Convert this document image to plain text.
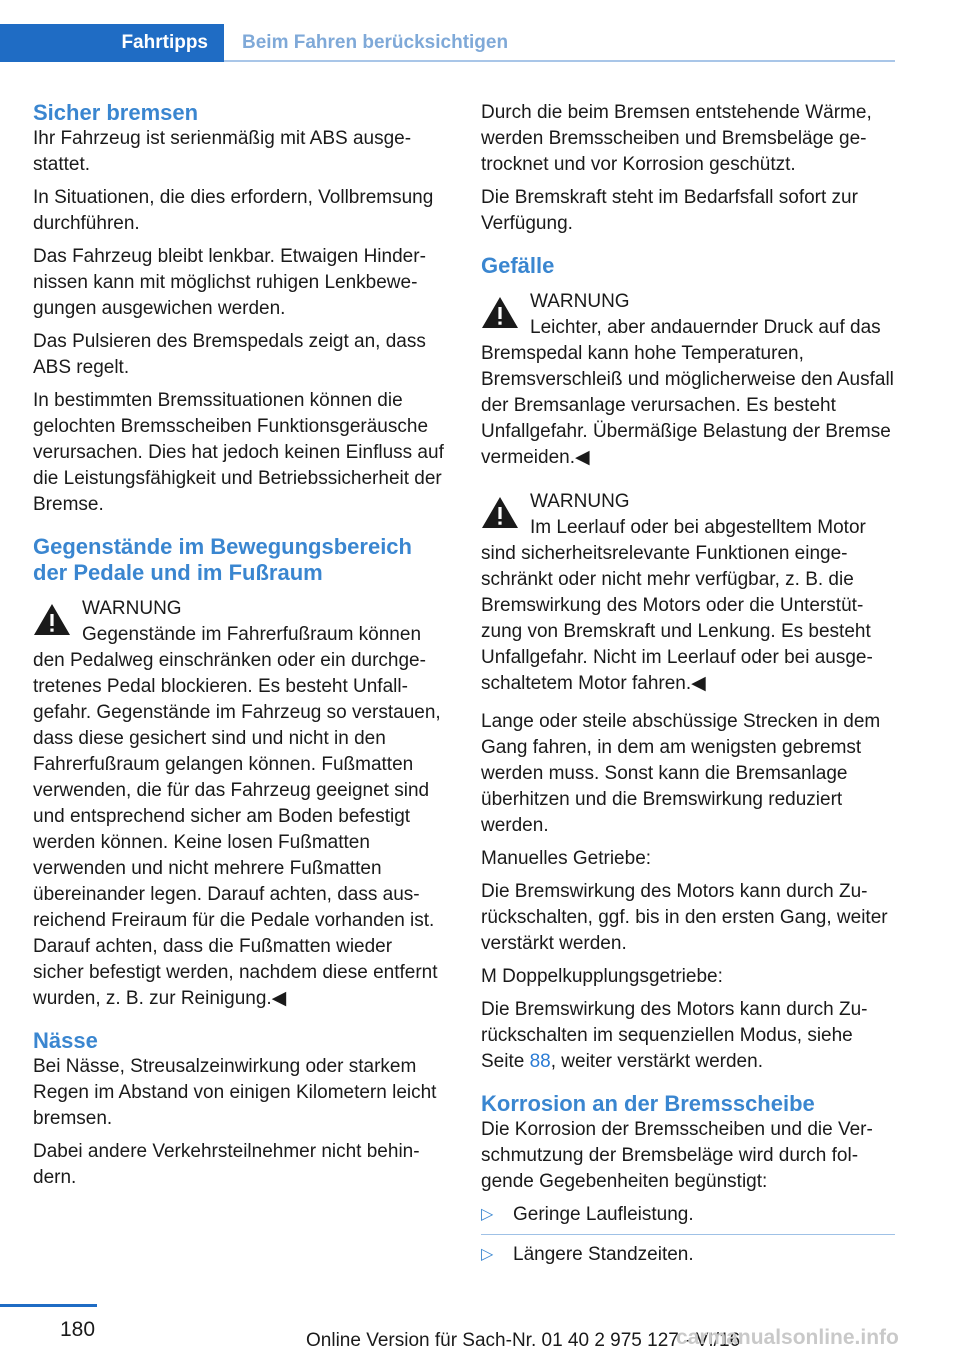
Fahrtipps	Beim Fahren berücksichtigen
Sicher bremsen

Ihr Fahrzeug ist serienmäßig mit ABS ausgestattet.

In Situationen, die dies erfordern, Vollbremsung durchführen.

Das Fahrzeug bleibt lenkbar. Etwaigen Hindernissen kann mit möglichst ruhigen Lenkbewegungen ausgewichen werden.

Das Pulsieren des Bremspedals zeigt an, dass ABS regelt.

In bestimmten Bremssituationen können die gelochten Bremsscheiben Funktionsgeräusche verursachen. Dies hat jedoch keinen Einfluss auf die Leistungsfähigkeit und Betriebssicherheit der Bremse.

Gegenstände im Bewegungsbereich der Pedale und im Fußraum

WARNUNG

Gegenstände im Fahrerfußraum können den Pedalweg einschränken oder ein durchgetretenes Pedal blockieren. Es besteht Unfallgefahr. Gegenstände im Fahrzeug so verstauen, dass diese gesichert sind und nicht in den Fahrerfußraum gelangen können. Fußmatten verwenden, die für das Fahrzeug geeignet sind und entsprechend sicher am Boden befestigt werden können. Keine losen Fußmatten verwenden und nicht mehrere Fußmatten übereinander legen. Darauf achten, dass ausreichend Freiraum für die Pedale vorhanden ist. Darauf achten, dass die Fußmatten wieder sicher befestigt werden, nachdem diese entfernt wurden, z. B. zur Reinigung.◀

Nässe

Bei Nässe, Streusalzeinwirkung oder starkem Regen im Abstand von einigen Kilometern leicht bremsen.

Dabei andere Verkehrsteilnehmer nicht behindern.

Durch die beim Bremsen entstehende Wärme, werden Bremsscheiben und Bremsbeläge getrocknet und vor Korrosion geschützt.

Die Bremskraft steht im Bedarfsfall sofort zur Verfügung.

Gefälle

WARNUNG

Leichter, aber andauernder Druck auf das Bremspedal kann hohe Temperaturen, Bremsverschleiß und möglicherweise den Ausfall der Bremsanlage verursachen. Es besteht Unfallgefahr. Übermäßige Belastung der Bremse vermeiden.◀

WARNUNG

Im Leerlauf oder bei abgestelltem Motor sind sicherheitsrelevante Funktionen eingeschränkt oder nicht mehr verfügbar, z. B. die Bremswirkung des Motors oder die Unterstützung von Bremskraft und Lenkung. Es besteht Unfallgefahr. Nicht im Leerlauf oder bei ausgeschaltetem Motor fahren.◀

Lange oder steile abschüssige Strecken in dem Gang fahren, in dem am wenigsten gebremst werden muss. Sonst kann die Bremsanlage überhitzen und die Bremswirkung reduziert werden.

Manuelles Getriebe:

Die Bremswirkung des Motors kann durch Zurückschalten, ggf. bis in den ersten Gang, weiter verstärkt werden.

M Doppelkupplungsgetriebe:

Die Bremswirkung des Motors kann durch Zurückschalten im sequenziellen Modus, siehe Seite 88, weiter verstärkt werden.

Korrosion an der Bremsscheibe

Die Korrosion der Bremsscheiben und die Verschmutzung der Bremsbeläge wird durch folgende Gegebenheiten begünstigt:

▷ Geringe Laufleistung.
▷ Längere Standzeiten.
180	Online Version für Sach-Nr. 01 40 2 975 127 - VI/16
carmanualsonline.info
